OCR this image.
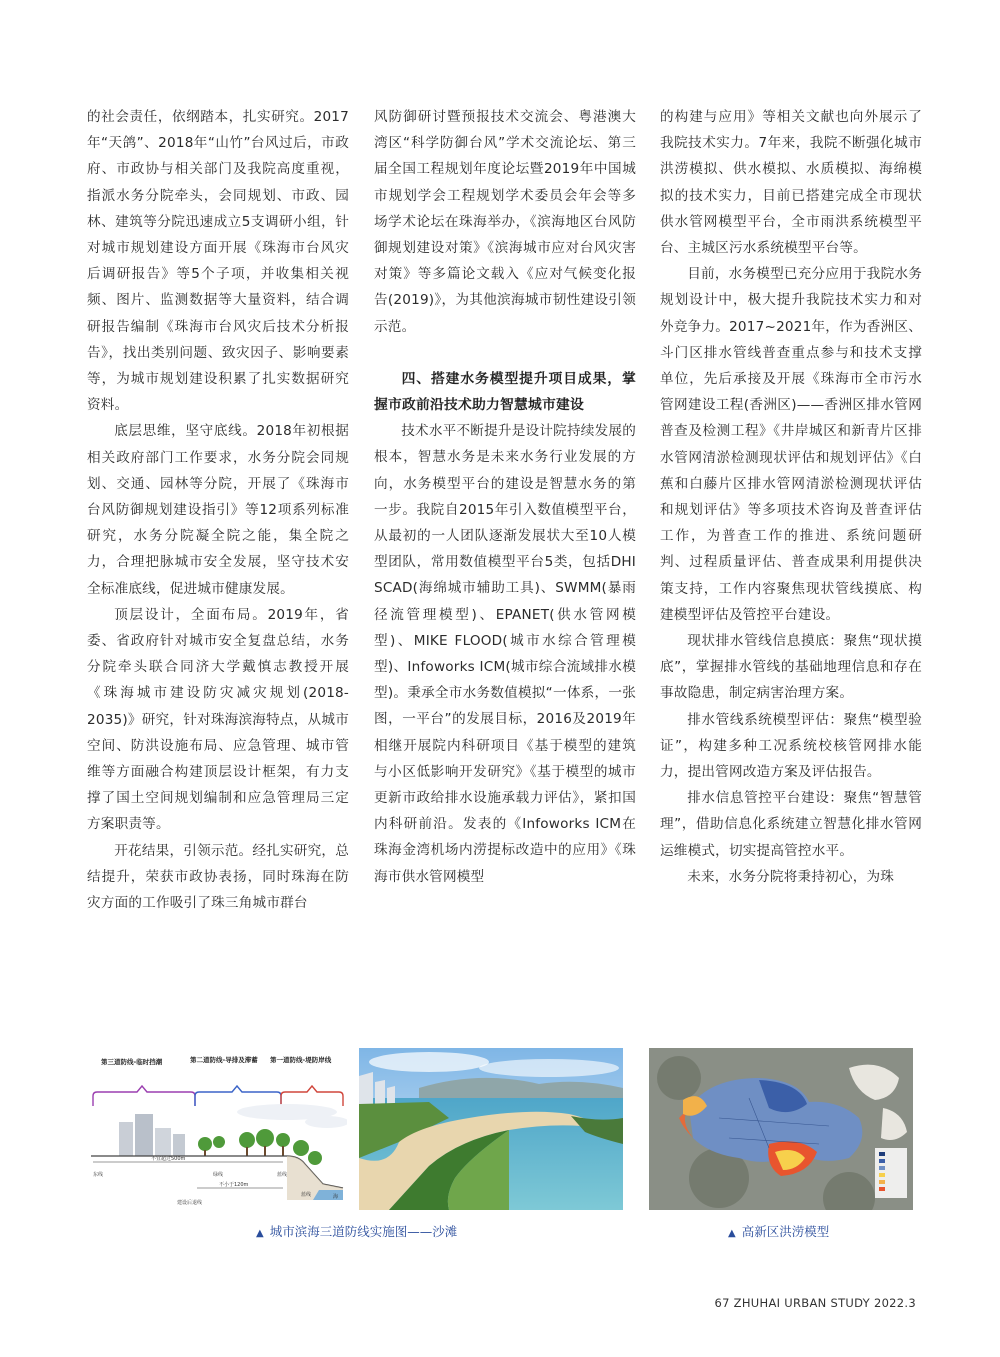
的社会责任，依纲踏本，扎实研究。2017年“天鸽”、2018年“山竹”台风过后，市政府、市政协与相关部门及我院高度重视，指派水务分院牵头，会同规划、市政、园林、建筑等分院迅速成立5支调研小组，针对城市规划建设方面开展《珠海市台风灾后调研报告》等5个子项，并收集相关视频、图片、监测数据等大量资料，结合调研报告编制《珠海市台风灾后技术分析报告》，找出类别问题、致灾因子、影响要素等，为城市规划建设积累了扎实数据研究资料。

底层思维，坚守底线。2018年初根据相关政府部门工作要求，水务分院会同规划、交通、园林等分院，开展了《珠海市台风防御规划建设指引》等12项系列标准研究，水务分院凝全院之能，集全院之力，合理把脉城市安全发展，坚守技术安全标准底线，促进城市健康发展。

顶层设计，全面布局。2019年，省委、省政府针对城市安全复盘总结，水务分院牵头联合同济大学戴慎志教授开展《珠海城市建设防灾减灾规划(2018-2035)》研究，针对珠海滨海特点，从城市空间、防洪设施布局、应急管理、城市管维等方面融合构建顶层设计框架，有力支撑了国土空间规划编制和应急管理局三定方案职责等。

开花结果，引领示范。经扎实研究，总结提升，荣获市政协表扬，同时珠海在防灾方面的工作吸引了珠三角城市群台

风防御研讨暨预报技术交流会、粤港澳大湾区“科学防御台风”学术交流论坛、第三届全国工程规划年度论坛暨2019年中国城市规划学会工程规划学术委员会年会等多场学术论坛在珠海举办，《滨海地区台风防御规划建设对策》《滨海城市应对台风灾害对策》等多篇论文载入《应对气候变化报告(2019)》，为其他滨海城市韧性建设引领示范。

四、搭建水务模型提升项目成果，掌握市政前沿技术助力智慧城市建设

技术水平不断提升是设计院持续发展的根本，智慧水务是未来水务行业发展的方向，水务模型平台的建设是智慧水务的第一步。我院自2015年引入数值模型平台，从最初的一人团队逐渐发展状大至10人模型团队，常用数值模型平台5类，包括DHI SCAD(海绵城市辅助工具)、SWMM(暴雨径流管理模型)、EPANET(供水管网模型)、MIKE FLOOD(城市水综合管理模型)、Infoworks ICM(城市综合流域排水模型)。秉承全市水务数值模拟“一体系，一张图，一平台”的发展目标，2016及2019年相继开展院内科研项目《基于模型的建筑与小区低影响开发研究》《基于模型的城市更新市政给排水设施承载力评估》，紧扣国内科研前沿。发表的《Infoworks ICM在珠海金湾机场内涝提标改造中的应用》《珠海市供水管网模型

的构建与应用》等相关文献也向外展示了我院技术实力。7年来，我院不断强化城市洪涝模拟、供水模拟、水质模拟、海绵模拟的技术实力，目前已搭建完成全市现状供水管网模型平台，全市雨洪系统模型平台、主城区污水系统模型平台等。

目前，水务模型已充分应用于我院水务规划设计中，极大提升我院技术实力和对外竞争力。2017~2021年，作为香洲区、斗门区排水管线普查重点参与和技术支撑单位，先后承接及开展《珠海市全市污水管网建设工程(香洲区)——香洲区排水管网普查及检测工程》《井岸城区和新青片区排水管网清淤检测现状评估和规划评估》《白蕉和白藤片区排水管网清淤检测现状评估和规划评估》等多项技术咨询及普查评估工作，为普查工作的推进、系统问题研判、过程质量评估、普查成果利用提供决策支持，工作内容聚焦现状管线摸底、构建模型评估及管控平台建设。

现状排水管线信息摸底：聚焦“现状摸底”，掌握排水管线的基础地理信息和存在事故隐患，制定病害治理方案。

排水管线系统模型评估：聚焦“模型验证”，构建多种工况系统校核管网排水能力，提出管网改造方案及评估报告。

排水信息管控平台建设：聚焦“智慧管理”，借助信息化系统建立智慧化排水管网运维模式，切实提高管控水平。

未来，水务分院将秉持初心，为珠

第三道防线-临时挡潮	第二道防线-导排及滞蓄 第一道防线-堤防岸线
不宜超过500m
不小于120m
建设后退线
东线	绿线	蓝线
蓝线	海
▲ 城市滨海三道防线实施图——沙滩	▲ 高新区洪涝模型
67 ZHUHAI URBAN STUDY 2022.3
